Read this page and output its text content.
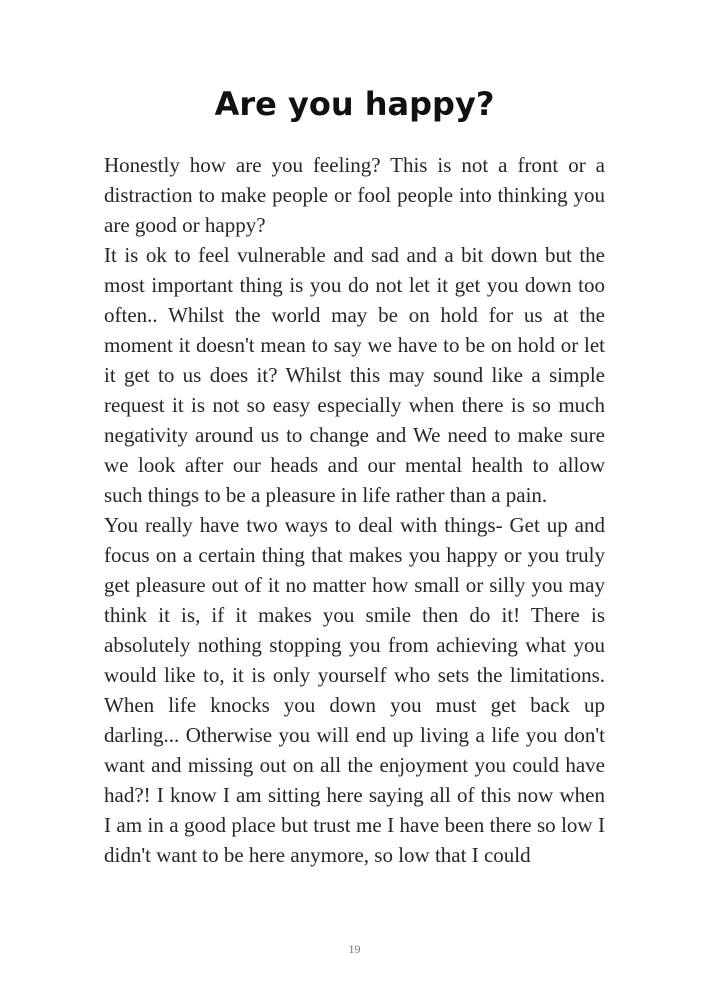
Are you happy?

Honestly how are you feeling? This is not a front or a distraction to make people or fool people into thinking you are good or happy?

It is ok to feel vulnerable and sad and a bit down but the most important thing is you do not let it get you down too often.. Whilst the world may be on hold for us at the moment it doesn't mean to say we have to be on hold or let it get to us does it? Whilst this may sound like a simple request it is not so easy especially when there is so much negativity around us to change and We need to make sure we look after our heads and our mental health to allow such things to be a pleasure in life rather than a pain.

You really have two ways to deal with things- Get up and focus on a certain thing that makes you happy or you truly get pleasure out of it no matter how small or silly you may think it is, if it makes you smile then do it! There is absolutely nothing stopping you from achieving what you would like to, it is only yourself who sets the limitations. When life knocks you down you must get back up darling... Otherwise you will end up living a life you don't want and missing out on all the enjoyment you could have had?! I know I am sitting here saying all of this now when I am in a good place but trust me I have been there so low I didn't want to be here anymore, so low that I could

19
